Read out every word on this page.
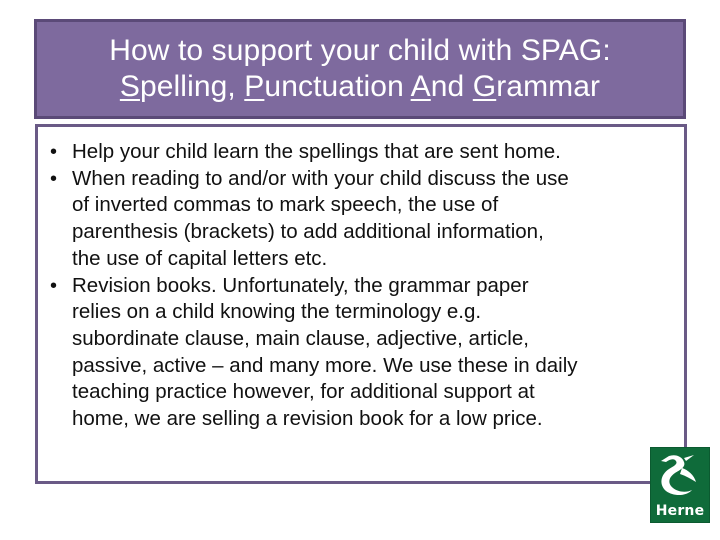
How to support your child with SPAG:
Spelling, Punctuation And Grammar
• Help your child learn the spellings that are sent home.
• When reading to and/or with your child discuss the use
of inverted commas to mark speech, the use of
parenthesis (brackets) to add additional information,
the use of capital letters etc.
• Revision books. Unfortunately, the grammar paper
relies on a child knowing the terminology e.g.
subordinate clause, main clause, adjective, article,
passive, active – and many more. We use these in daily
teaching practice however, for additional support at
home, we are selling a revision book for a low price.
Herne
